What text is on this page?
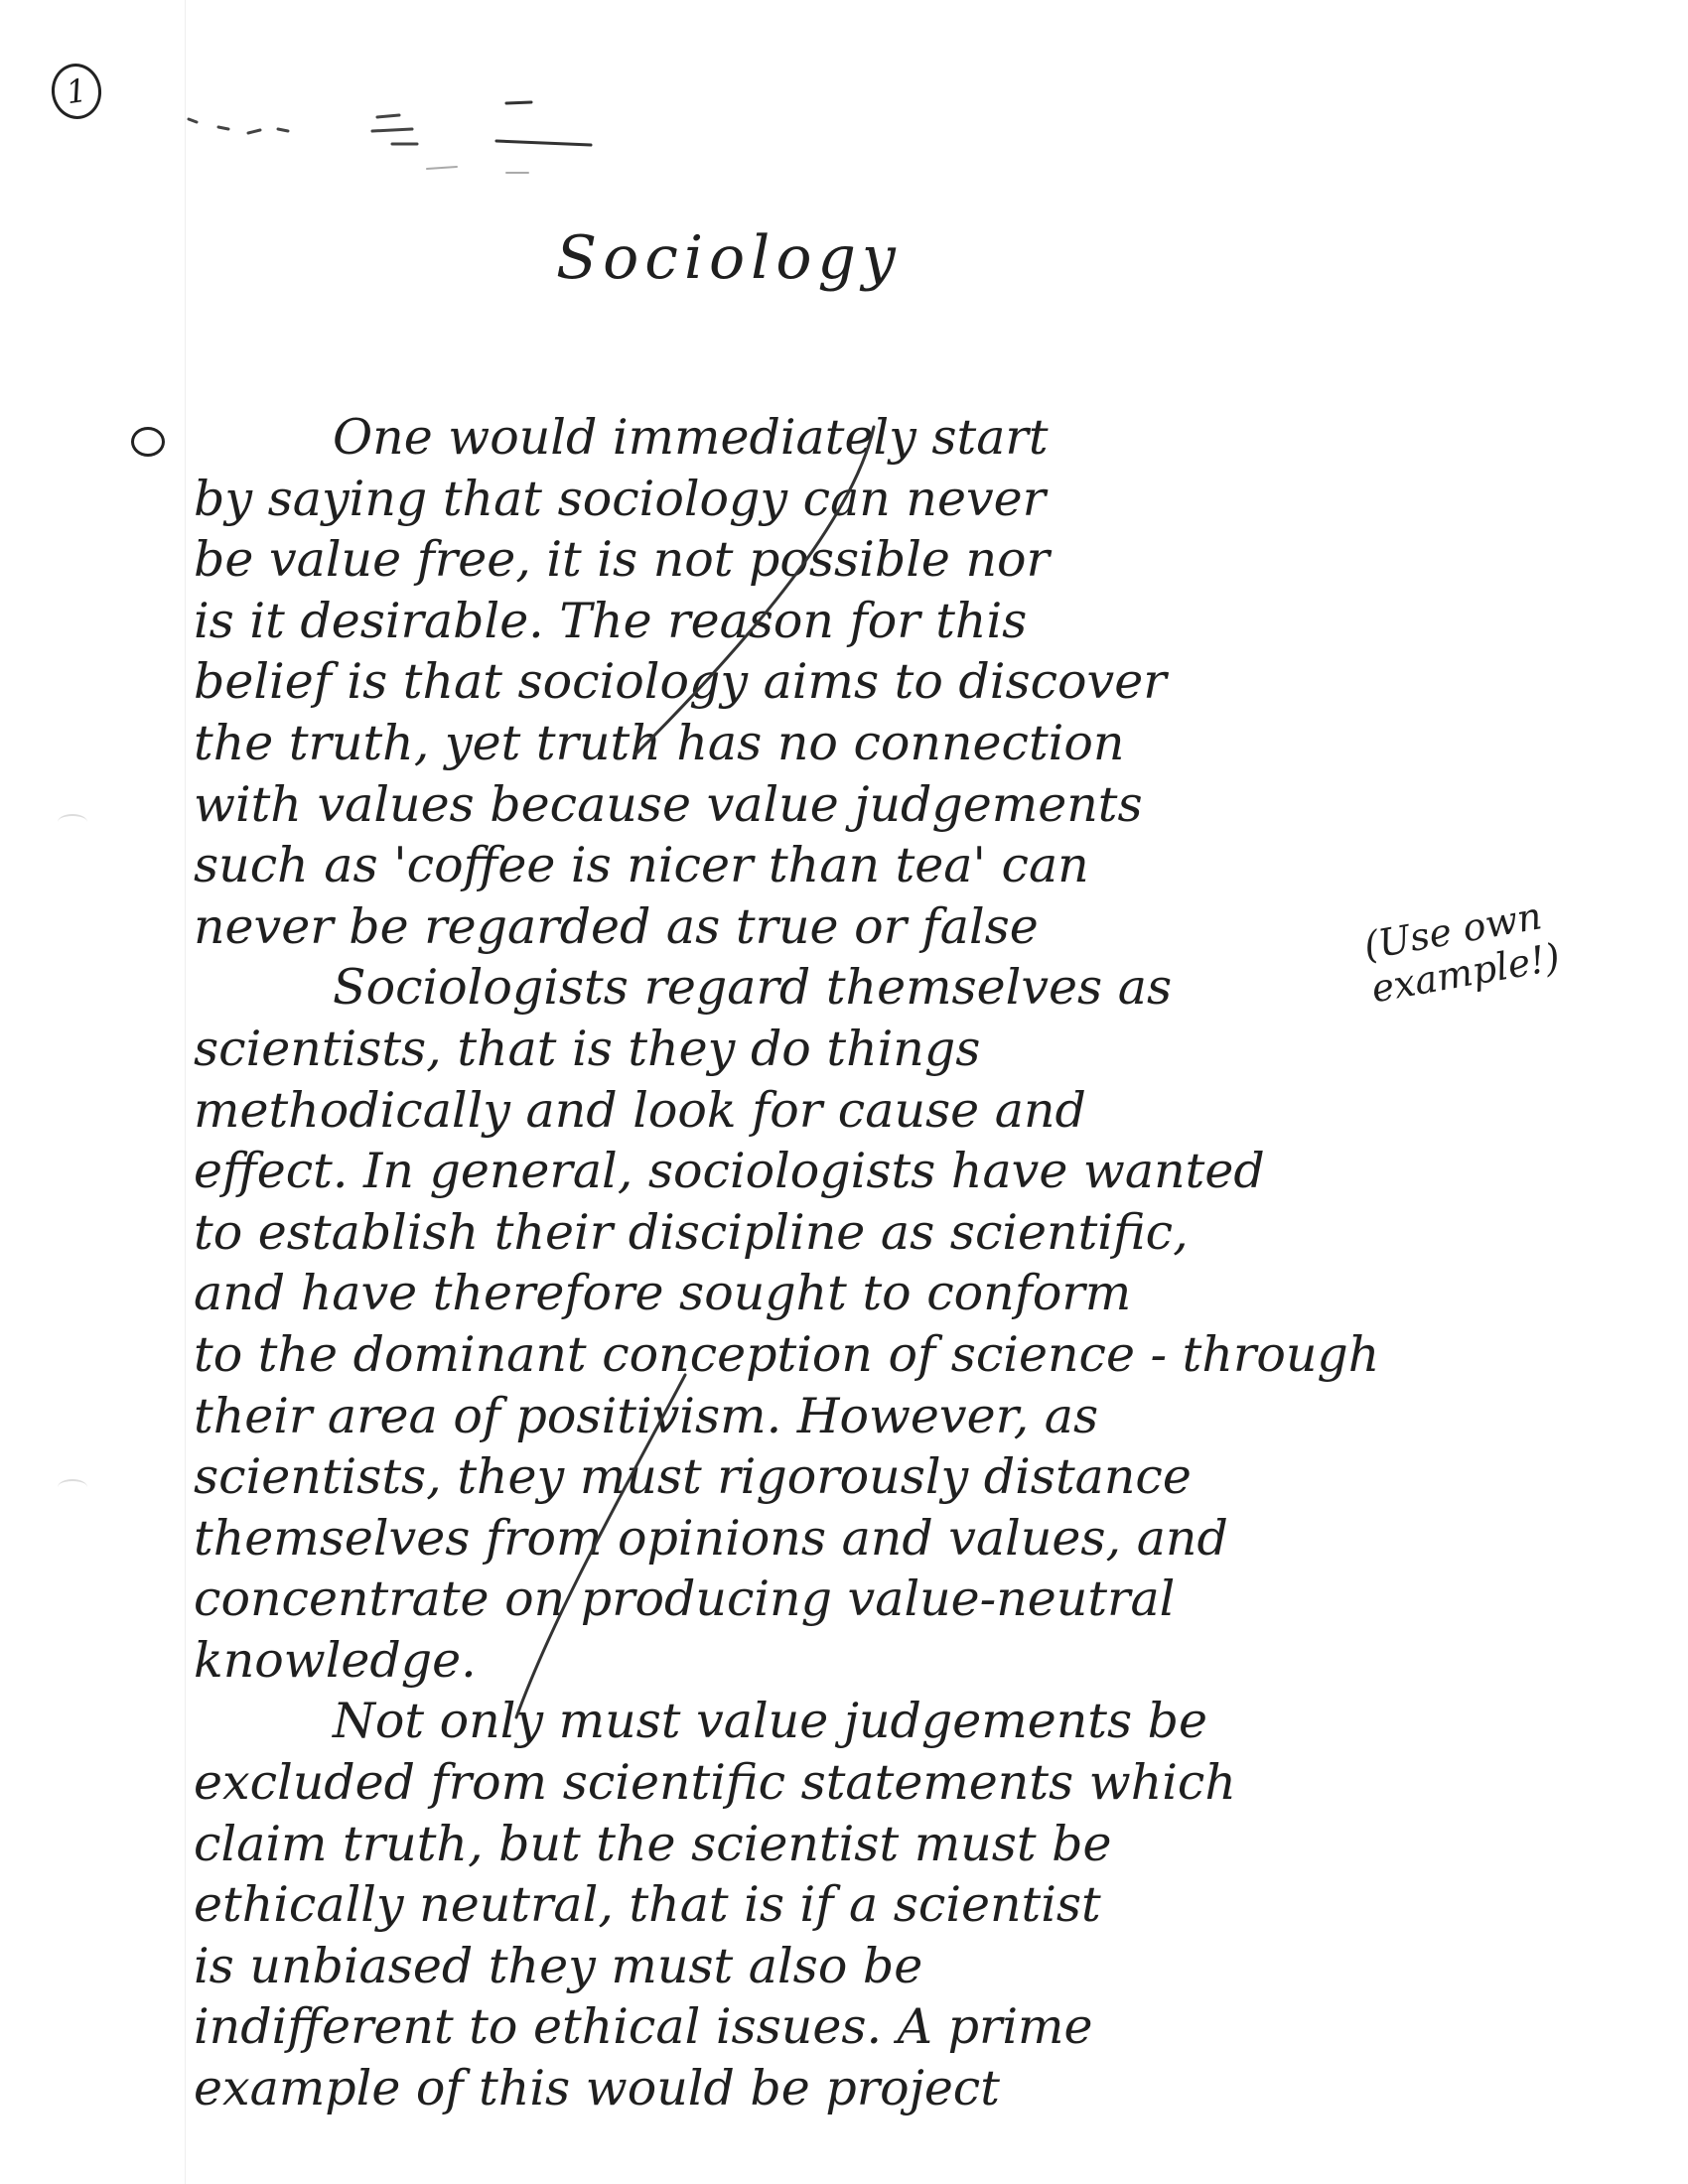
1
Sociology
One would immediately start
by saying that sociology can never
be value free, it is not possible nor
is it desirable. The reason for this
belief is that sociology aims to discover
the truth, yet truth has no connection
with values because value judgements
such as 'coffee is nicer than tea' can
never be regarded as true or false
Sociologists regard themselves as
scientists, that is they do things
methodically and look for cause and
effect. In general, sociologists have wanted
to establish their discipline as scientific,
and have therefore sought to conform
to the dominant conception of science - through
their area of positivism. However, as
scientists, they must rigorously distance
themselves from opinions and values, and
concentrate on producing value-neutral
knowledge.
Not only must value judgements be
excluded from scientific statements which
claim truth, but the scientist must be
ethically neutral, that is if a scientist
is unbiased they must also be
indifferent to ethical issues. A prime
example of this would be project
(Use own example!)
